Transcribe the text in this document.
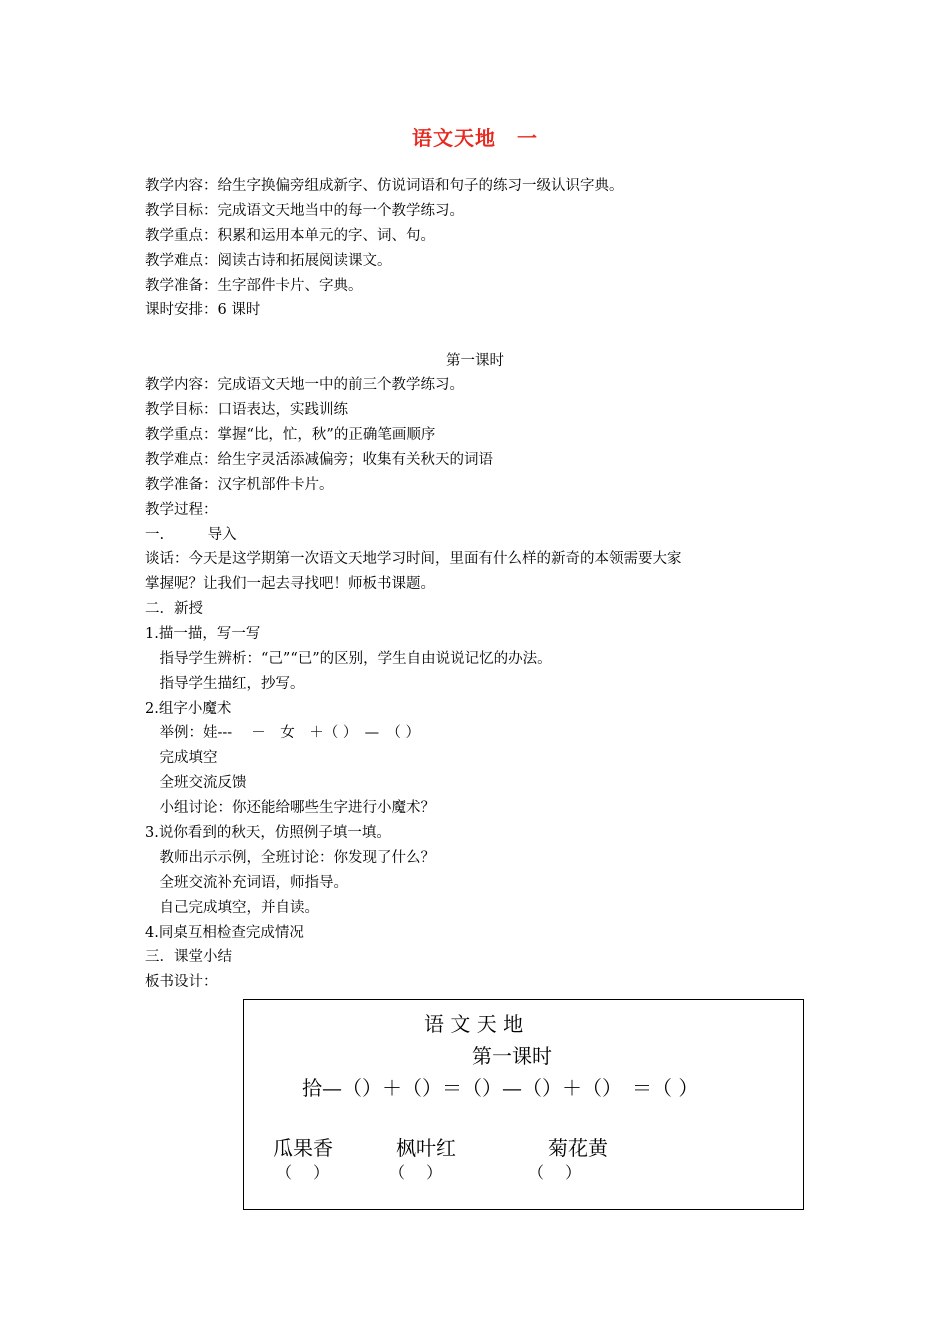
语文天地　一
教学内容：给生字换偏旁组成新字、仿说词语和句子的练习一级认识字典。
教学目标：完成语文天地当中的每一个教学练习。
教学重点：积累和运用本单元的字、词、句。
教学难点：阅读古诗和拓展阅读课文。
教学准备：生字部件卡片、字典。
课时安排：6 课时
第一课时
教学内容：完成语文天地一中的前三个教学练习。
教学目标：口语表达，实践训练
教学重点：掌握“比，忙，秋”的正确笔画顺序
教学难点：给生字灵活添减偏旁；收集有关秋天的词语
教学准备：汉字机部件卡片。
教学过程：
一.　　　导入
谈话：今天是这学期第一次语文天地学习时间，里面有什么样的新奇的本领需要大家
掌握呢？让我们一起去寻找吧！师板书课题。
二．新授
1.描一描，写一写
　指导学生辨析：“己”“已”的区别，学生自由说说记忆的办法。
　指导学生描红，抄写。
2.组字小魔术
　举例：娃---　 －　女　＋（ ）　—　（ ）
　完成填空
　全班交流反馈
　小组讨论：你还能给哪些生字进行小魔术？
3.说你看到的秋天，仿照例子填一填。
　教师出示示例，全班讨论：你发现了什么？
　全班交流补充词语，师指导。
　自己完成填空，并自读。
4.同桌互相检查完成情况
三．课堂小结
板书设计：
语 文 天 地
第一课时
拾—（）＋（）＝（）—（）＋（）　＝（ ）
瓜果香	枫叶红	菊花黄
（　 ）	（　 ）	（　 ）
